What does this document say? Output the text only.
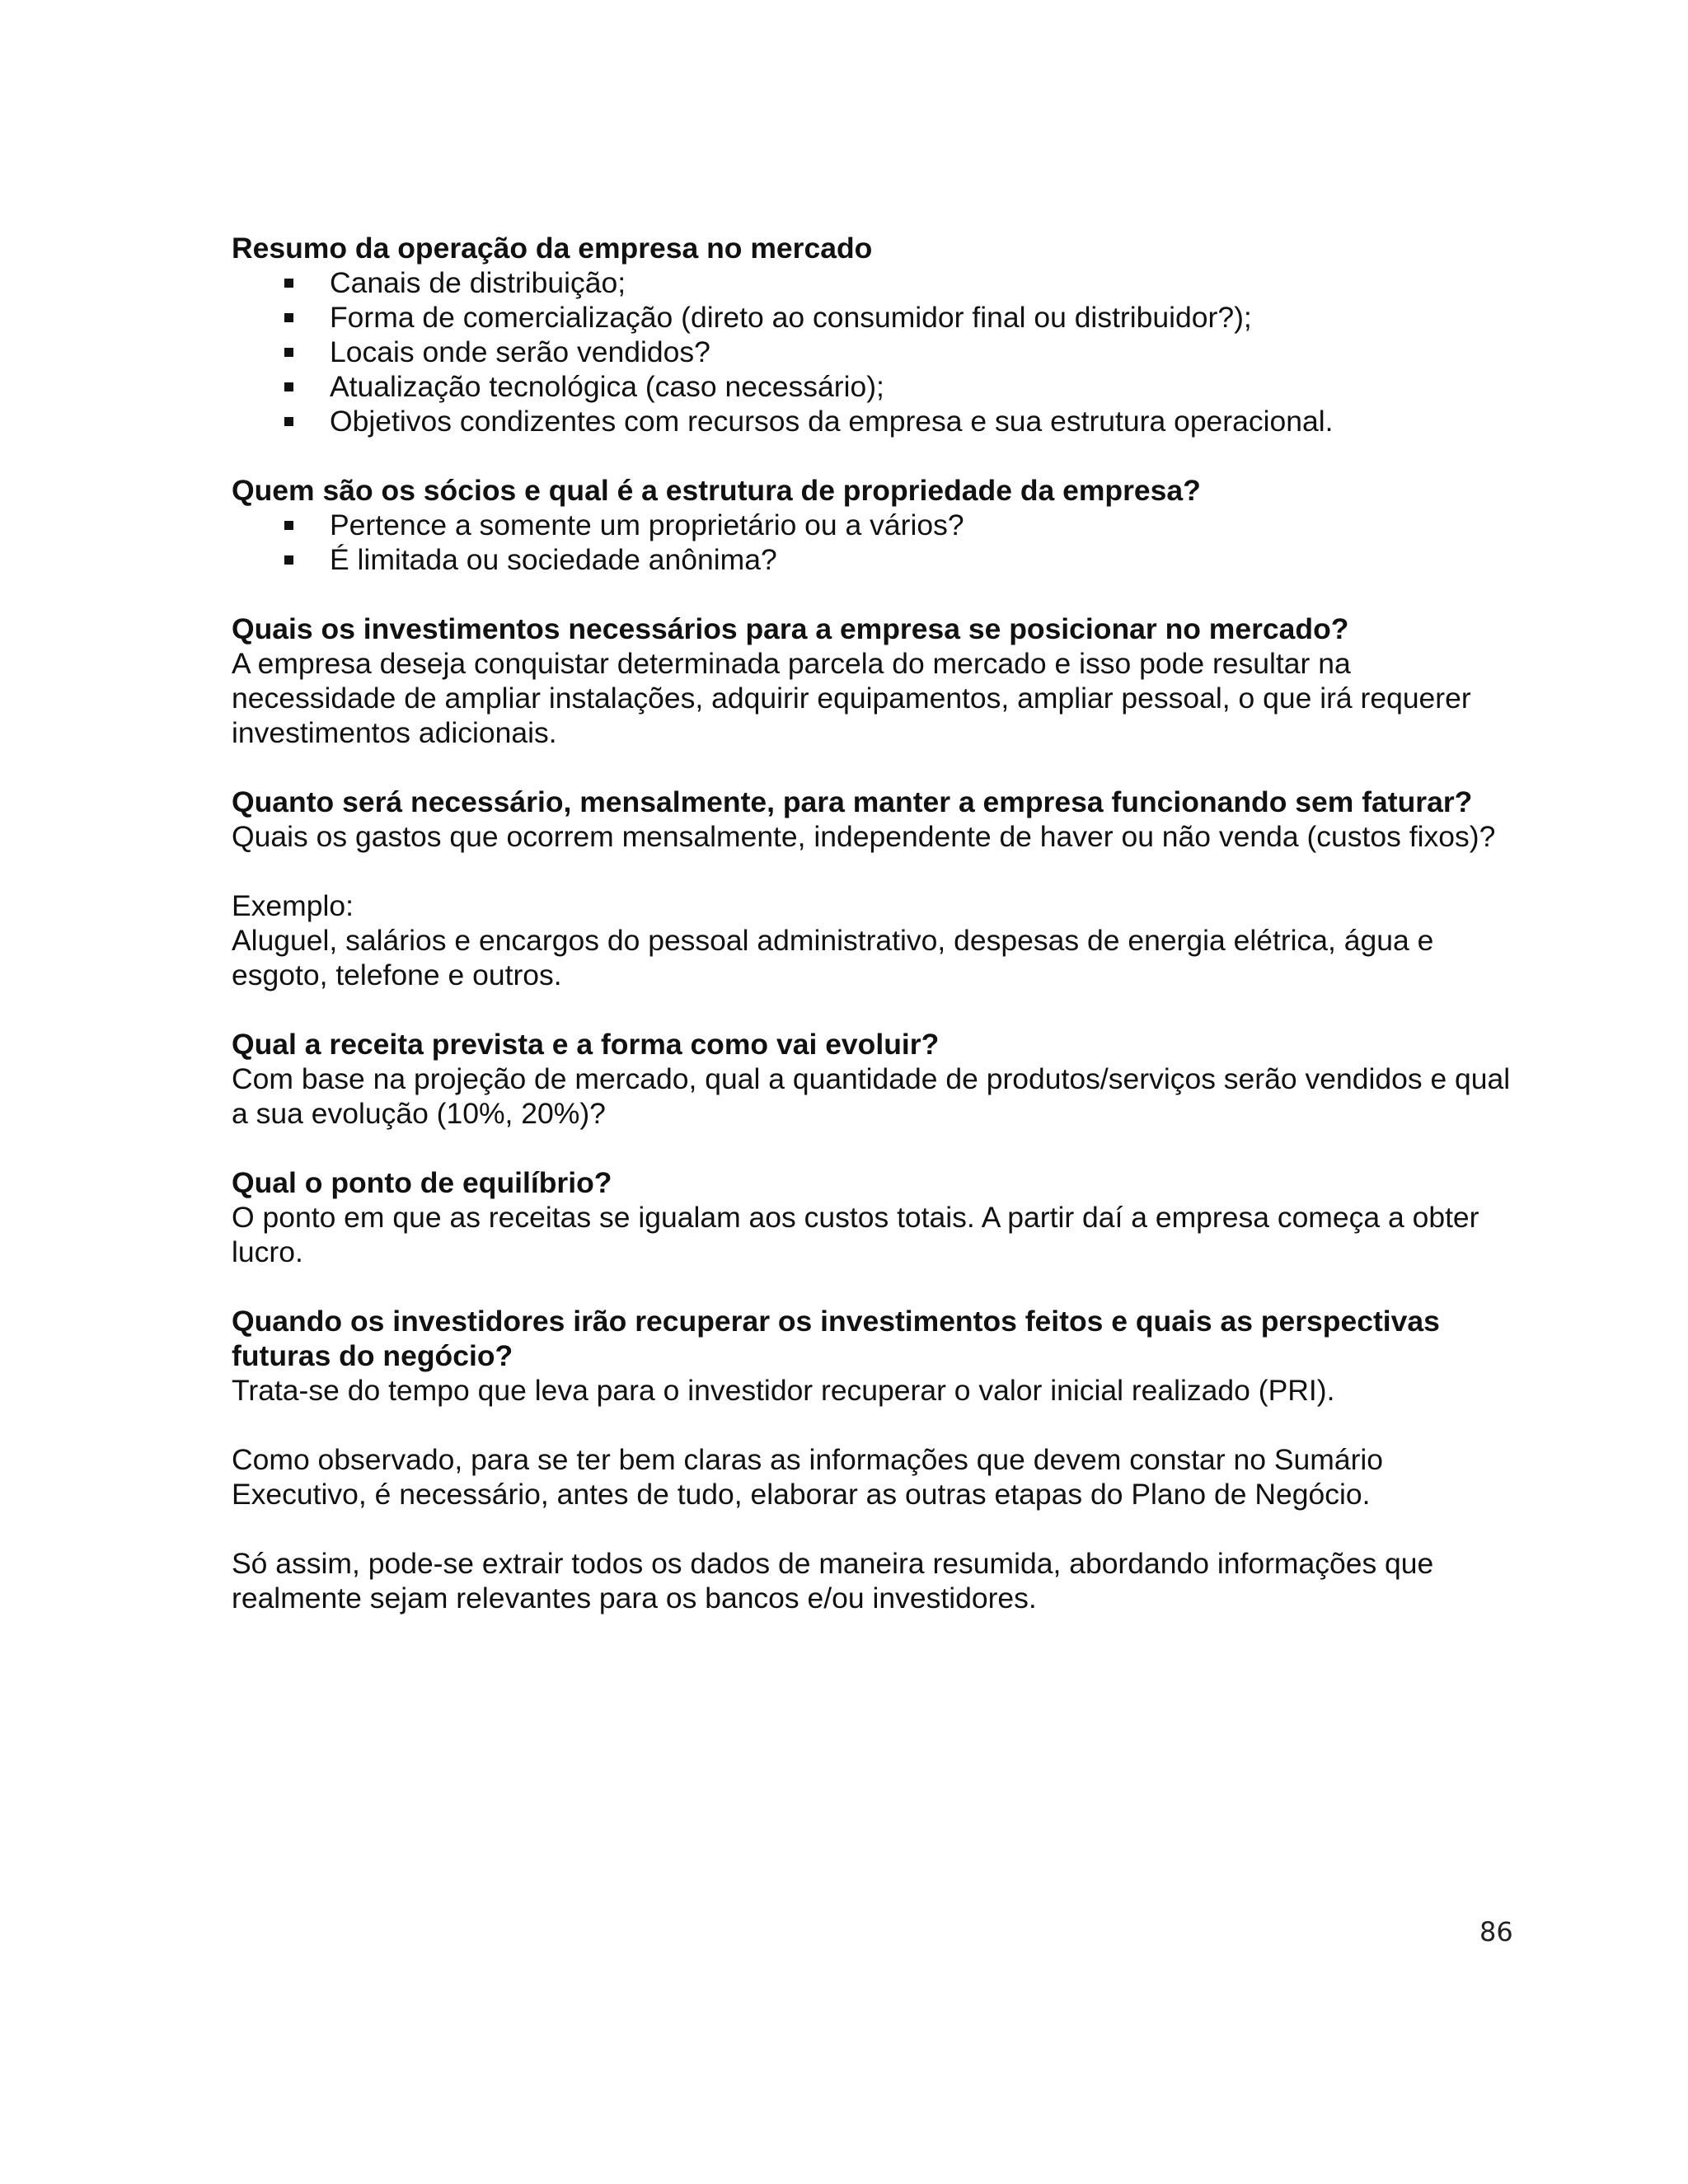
Resumo da operação da empresa no mercado

Canais de distribuição;
Forma de comercialização (direto ao consumidor final ou distribuidor?);
Locais onde serão vendidos?
Atualização tecnológica (caso necessário);
Objetivos condizentes com recursos da empresa e sua estrutura operacional.

Quem são os sócios e qual é a estrutura de propriedade da empresa?

Pertence a somente um proprietário ou a vários?
É limitada ou sociedade anônima?

Quais os investimentos necessários para a empresa se posicionar no mercado?

A empresa deseja conquistar determinada parcela do mercado e isso pode resultar na necessidade de ampliar instalações, adquirir equipamentos, ampliar pessoal, o que irá requerer investimentos adicionais.

Quanto será necessário, mensalmente, para manter a empresa funcionando sem faturar?

Quais os gastos que ocorrem mensalmente, independente de haver ou não venda (custos fixos)?

Exemplo:

Aluguel, salários e encargos do pessoal administrativo, despesas de energia elétrica, água e esgoto, telefone e outros.

Qual a receita prevista e a forma como vai evoluir?

Com base na projeção de mercado, qual a quantidade de produtos/serviços serão vendidos e qual a sua evolução (10%, 20%)?

Qual o ponto de equilíbrio?

O ponto em que as receitas se igualam aos custos totais. A partir daí a empresa começa a obter lucro.

Quando os investidores irão recuperar os investimentos feitos e quais as perspectivas futuras do negócio?

Trata-se do tempo que leva para o investidor recuperar o valor inicial realizado (PRI).

Como observado, para se ter bem claras as informações que devem constar no Sumário Executivo, é necessário, antes de tudo, elaborar as outras etapas do Plano de Negócio.

Só assim, pode-se extrair todos os dados de maneira resumida, abordando informações que realmente sejam relevantes para os bancos e/ou investidores.

86
